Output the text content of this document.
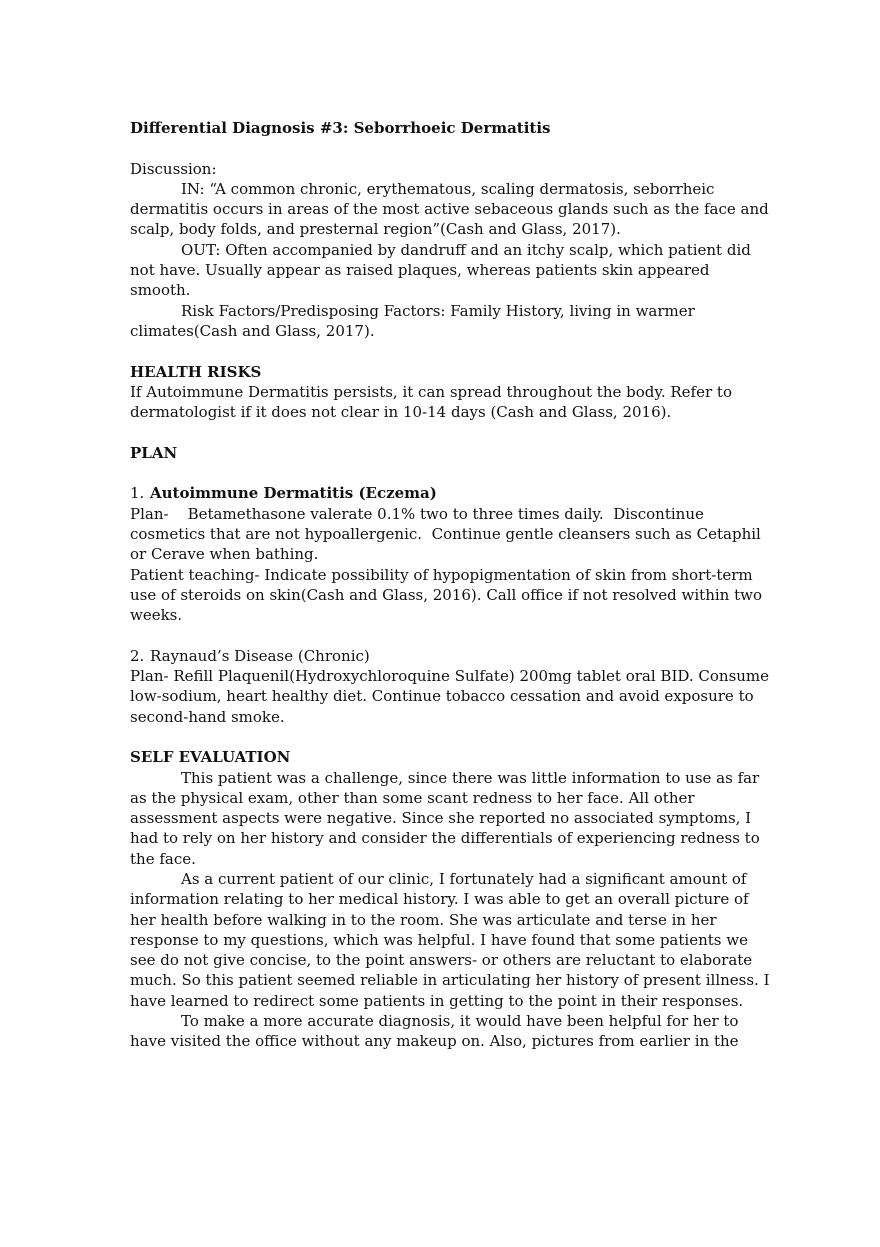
Differential Diagnosis #3: Seborrhoeic Dermatitis

Discussion:

IN: “A common chronic, erythematous, scaling dermatosis, seborrheic dermatitis occurs in areas of the most active sebaceous glands such as the face and scalp, body folds, and presternal region”(Cash and Glass, 2017).

OUT: Often accompanied by dandruff and an itchy scalp, which patient did not have. Usually appear as raised plaques, whereas patients skin appeared smooth.

Risk Factors/Predisposing Factors: Family History, living in warmer climates(Cash and Glass, 2017).

HEALTH RISKS

If Autoimmune Dermatitis persists, it can spread throughout the body. Refer to dermatologist if it does not clear in 10-14 days (Cash and Glass, 2016).

PLAN

1. Autoimmune Dermatitis (Eczema)

Plan-    Betamethasone valerate 0.1% two to three times daily.  Discontinue cosmetics that are not hypoallergenic.  Continue gentle cleansers such as Cetaphil or Cerave when bathing.

Patient teaching- Indicate possibility of hypopigmentation of skin from short-term use of steroids on skin(Cash and Glass, 2016). Call office if not resolved within two weeks.

2. Raynaud’s Disease (Chronic)

Plan- Refill Plaquenil(Hydroxychloroquine Sulfate) 200mg tablet oral BID. Consume low-sodium, heart healthy diet. Continue tobacco cessation and avoid exposure to second-hand smoke.

SELF EVALUATION

This patient was a challenge, since there was little information to use as far as the physical exam, other than some scant redness to her face. All other assessment aspects were negative. Since she reported no associated symptoms, I had to rely on her history and consider the differentials of experiencing redness to the face.

As a current patient of our clinic, I fortunately had a significant amount of information relating to her medical history. I was able to get an overall picture of her health before walking in to the room. She was articulate and terse in her response to my questions, which was helpful. I have found that some patients we see do not give concise, to the point answers- or others are reluctant to elaborate much. So this patient seemed reliable in articulating her history of present illness. I have learned to redirect some patients in getting to the point in their responses.

To make a more accurate diagnosis, it would have been helpful for her to have visited the office without any makeup on. Also, pictures from earlier in the
